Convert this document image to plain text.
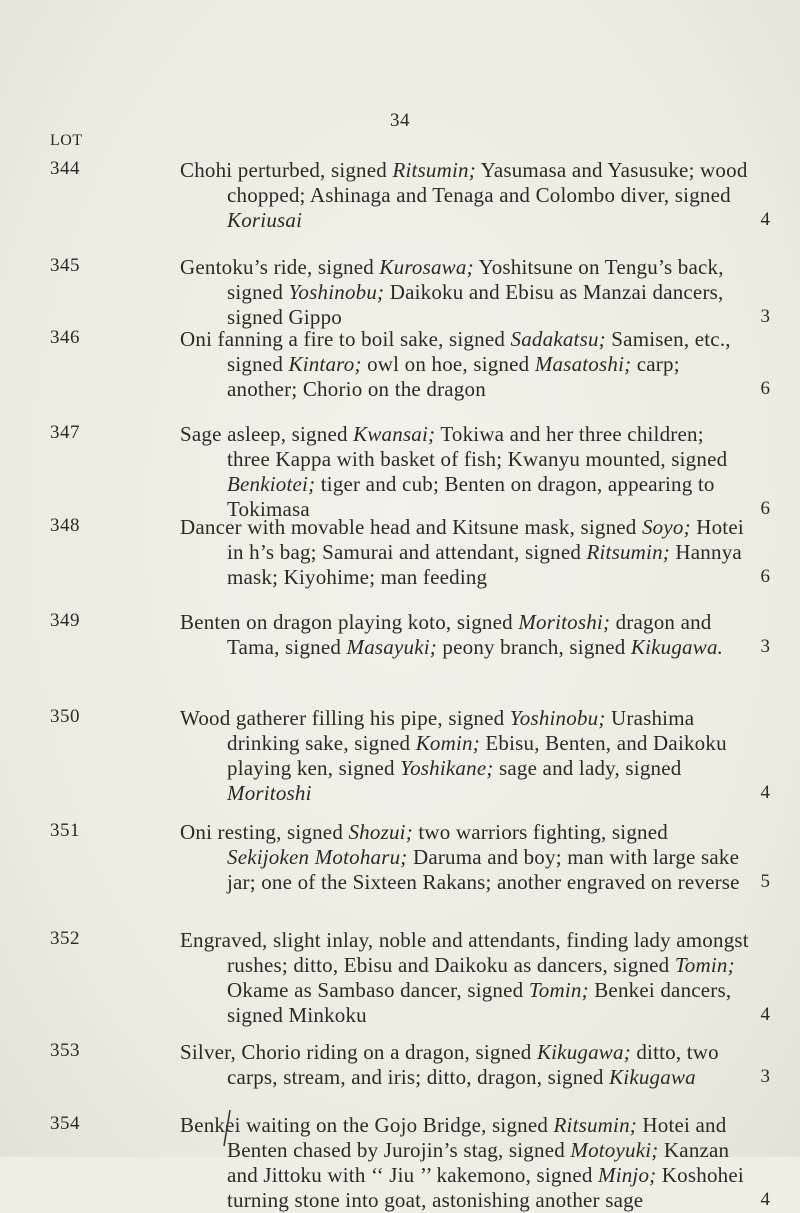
34
LOT
344	Chohi perturbed, signed Ritsumin; Yasumasa and Yasusuke; wood chopped; Ashinaga and Tenaga and Colombo diver, signed Koriusai	4
345	Gentoku’s ride, signed Kurosawa; Yoshitsune on Tengu’s back, signed Yoshinobu; Daikoku and Ebisu as Manzai dancers, signed Gippo	3
346	Oni fanning a fire to boil sake, signed Sadakatsu; Samisen, etc., signed Kintaro; owl on hoe, signed Masatoshi; carp; another; Chorio on the dragon	6
347	Sage asleep, signed Kwansai; Tokiwa and her three children; three Kappa with basket of fish; Kwanyu mounted, signed Benkiotei; tiger and cub; Benten on dragon, appearing to Tokimasa	6
348	Dancer with movable head and Kitsune mask, signed Soyo; Hotei in h’s bag; Samurai and attendant, signed Ritsumin; Hannya mask; Kiyohime; man feeding	6
349	Benten on dragon playing koto, signed Moritoshi; dragon and Tama, signed Masayuki; peony branch, signed Kikugawa.	3
350	Wood gatherer filling his pipe, signed Yoshinobu; Urashima drinking sake, signed Komin; Ebisu, Benten, and Daikoku playing ken, signed Yoshikane; sage and lady, signed Moritoshi	4
351	Oni resting, signed Shozui; two warriors fighting, signed Sekijoken Motoharu; Daruma and boy; man with large sake jar; one of the Sixteen Rakans; another engraved on reverse	5
352	Engraved, slight inlay, noble and attendants, finding lady amongst rushes; ditto, Ebisu and Daikoku as dancers, signed Tomin; Okame as Sambaso dancer, signed Tomin; Benkei dancers, signed Minkoku	4
353	Silver, Chorio riding on a dragon, signed Kikugawa; ditto, two carps, stream, and iris; ditto, dragon, signed Kikugawa	3
354	Benkei waiting on the Gojo Bridge, signed Ritsumin; Hotei and Benten chased by Jurojin’s stag, signed Motoyuki; Kanzan and Jittoku with ‘‘ Jiu ’’ kakemono, signed Minjo; Koshohei turning stone into goat, astonishing another sage	4
